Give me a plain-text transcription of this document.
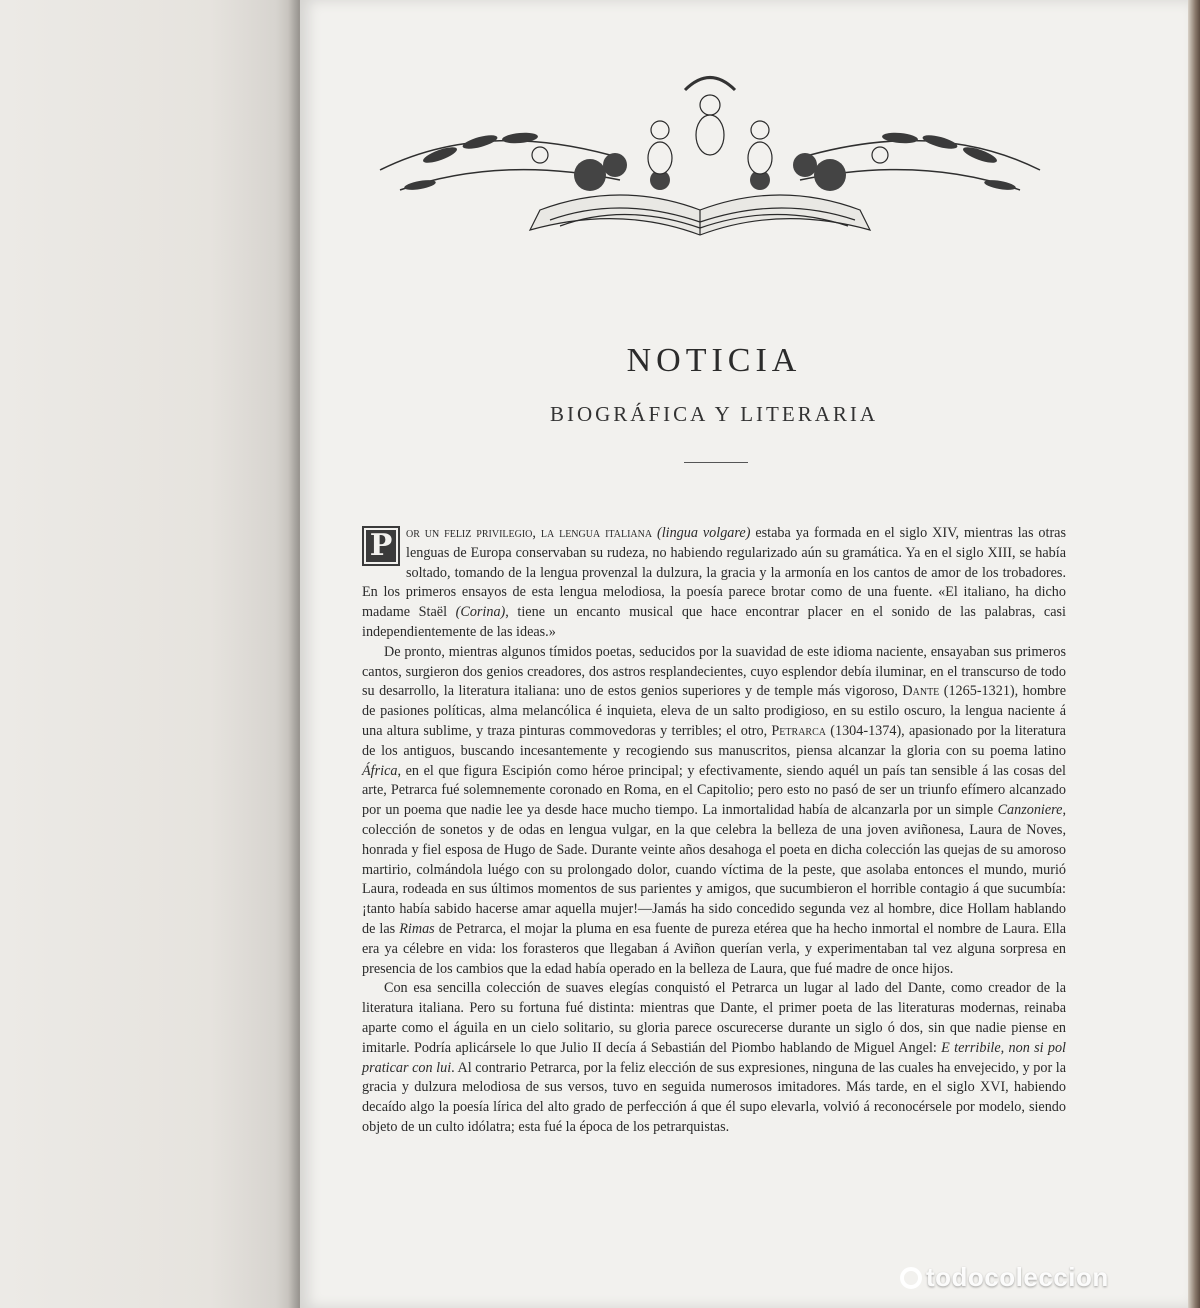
NOTICIA
BIOGRÁFICA Y LITERARIA

P or un feliz privilegio, la lengua italiana (lingua volgare) estaba ya formada en el siglo XIV, mientras las otras lenguas de Europa conservaban su rudeza, no habiendo regularizado aún su gramática. Ya en el siglo XIII, se había soltado, tomando de la lengua provenzal la dulzura, la gracia y la armonía en los cantos de amor de los trobadores. En los primeros ensayos de esta lengua melodiosa, la poesía parece brotar como de una fuente. «El italiano, ha dicho madame Staël (Corina), tiene un encanto musical que hace encontrar placer en el sonido de las palabras, casi independientemente de las ideas.»

De pronto, mientras algunos tímidos poetas, seducidos por la suavidad de este idioma naciente, ensayaban sus primeros cantos, surgieron dos genios creadores, dos astros resplandecientes, cuyo esplendor debía iluminar, en el transcurso de todo su desarrollo, la literatura italiana: uno de estos genios superiores y de temple más vigoroso, Dante (1265-1321), hombre de pasiones políticas, alma melancólica é inquieta, eleva de un salto prodigioso, en su estilo oscuro, la lengua naciente á una altura sublime, y traza pinturas commovedoras y terribles; el otro, Petrarca (1304-1374), apasionado por la literatura de los antiguos, buscando incesantemente y recogiendo sus manuscritos, piensa alcanzar la gloria con su poema latino África, en el que figura Escipión como héroe principal; y efectivamente, siendo aquél un país tan sensible á las cosas del arte, Petrarca fué solemnemente coronado en Roma, en el Capitolio; pero esto no pasó de ser un triunfo efímero alcanzado por un poema que nadie lee ya desde hace mucho tiempo. La inmortalidad había de alcanzarla por un simple Canzoniere, colección de sonetos y de odas en lengua vulgar, en la que celebra la belleza de una joven aviñonesa, Laura de Noves, honrada y fiel esposa de Hugo de Sade. Durante veinte años desahoga el poeta en dicha colección las quejas de su amoroso martirio, colmándola luégo con su prolongado dolor, cuando víctima de la peste, que asolaba entonces el mundo, murió Laura, rodeada en sus últimos momentos de sus parientes y amigos, que sucumbieron el horrible contagio á que sucumbía: ¡tanto había sabido hacerse amar aquella mujer!—Jamás ha sido concedido segunda vez al hombre, dice Hollam hablando de las Rimas de Petrarca, el mojar la pluma en esa fuente de pureza etérea que ha hecho inmortal el nombre de Laura. Ella era ya célebre en vida: los forasteros que llegaban á Aviñon querían verla, y experimentaban tal vez alguna sorpresa en presencia de los cambios que la edad había operado en la belleza de Laura, que fué madre de once hijos.

Con esa sencilla colección de suaves elegías conquistó el Petrarca un lugar al lado del Dante, como creador de la literatura italiana. Pero su fortuna fué distinta: mientras que Dante, el primer poeta de las literaturas modernas, reinaba aparte como el águila en un cielo solitario, su gloria parece oscurecerse durante un siglo ó dos, sin que nadie piense en imitarle. Podría aplicársele lo que Julio II decía á Sebastián del Piombo hablando de Miguel Angel: E terribile, non si pol praticar con lui. Al contrario Petrarca, por la feliz elección de sus expresiones, ninguna de las cuales ha envejecido, y por la gracia y dulzura melodiosa de sus versos, tuvo en seguida numerosos imitadores. Más tarde, en el siglo XVI, habiendo decaído algo la poesía lírica del alto grado de perfección á que él supo elevarla, volvió á reconocérsele por modelo, siendo objeto de un culto idólatra; esta fué la época de los petrarquistas.

todocoleccion
